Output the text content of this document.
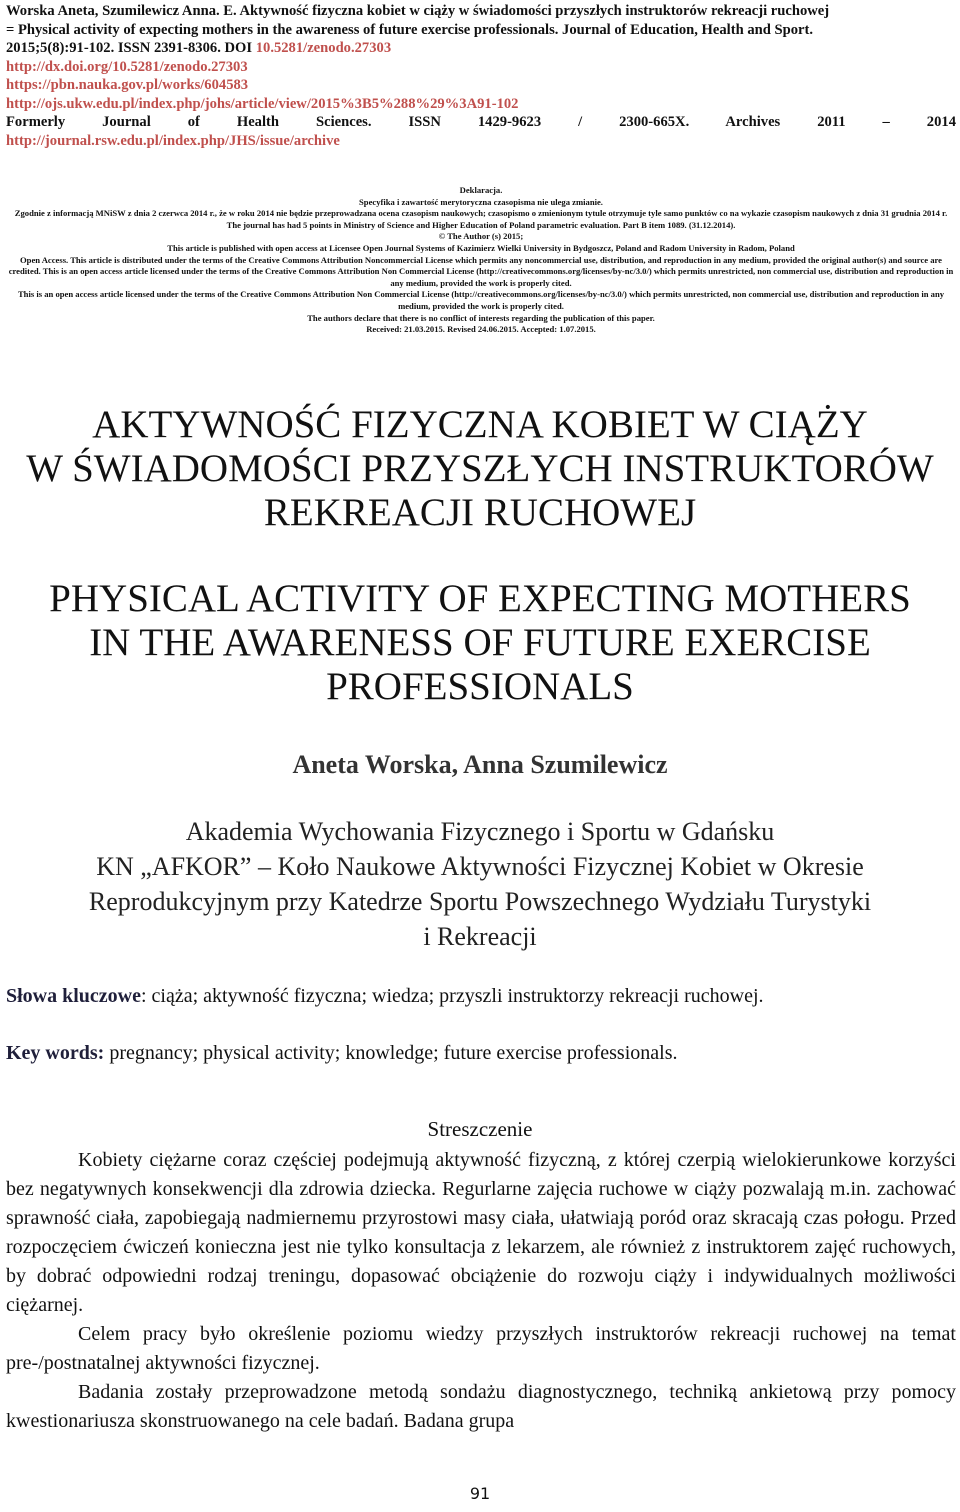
Worska Aneta, Szumilewicz Anna. E. Aktywność fizyczna kobiet w ciąży w świadomości przyszłych instruktorów rekreacji ruchowej
= Physical activity of expecting mothers in the awareness of future exercise professionals. Journal of Education, Health and Sport.
2015;5(8):91-102. ISSN 2391-8306. DOI 10.5281/zenodo.27303
http://dx.doi.org/10.5281/zenodo.27303
https://pbn.nauka.gov.pl/works/604583
http://ojs.ukw.edu.pl/index.php/johs/article/view/2015%3B5%288%29%3A91-102
Formerly Journal of Health Sciences. ISSN 1429-9623 / 2300-665X. Archives 2011 – 2014
http://journal.rsw.edu.pl/index.php/JHS/issue/archive
Deklaracja.
Specyfika i zawartość merytoryczna czasopisma nie ulega zmianie.
Zgodnie z informacją MNiSW z dnia 2 czerwca 2014 r., że w roku 2014 nie będzie przeprowadzana ocena czasopism naukowych; czasopismo o zmienionym tytule otrzymuje tyle samo punktów co na wykazie czasopism naukowych z dnia 31 grudnia 2014 r.
The journal has had 5 points in Ministry of Science and Higher Education of Poland parametric evaluation. Part B item 1089. (31.12.2014).
© The Author (s) 2015;
This article is published with open access at Licensee Open Journal Systems of Kazimierz Wielki University in Bydgoszcz, Poland and Radom University in Radom, Poland
Open Access. This article is distributed under the terms of the Creative Commons Attribution Noncommercial License which permits any noncommercial use, distribution, and reproduction in any medium, provided the original author(s) and source are credited. This is an open access article licensed under the terms of the Creative Commons Attribution Non Commercial License (http://creativecommons.org/licenses/by-nc/3.0/) which permits unrestricted, non commercial use, distribution and reproduction in any medium, provided the work is properly cited.
This is an open access article licensed under the terms of the Creative Commons Attribution Non Commercial License (http://creativecommons.org/licenses/by-nc/3.0/) which permits unrestricted, non commercial use, distribution and reproduction in any medium, provided the work is properly cited.
The authors declare that there is no conflict of interests regarding the publication of this paper.
Received: 21.03.2015. Revised 24.06.2015. Accepted: 1.07.2015.
AKTYWNOŚĆ FIZYCZNA KOBIET W CIĄŻY
W ŚWIADOMOŚCI PRZYSZŁYCH INSTRUKTORÓW
REKREACJI RUCHOWEJ
PHYSICAL ACTIVITY OF EXPECTING MOTHERS
IN THE AWARENESS OF FUTURE EXERCISE
PROFESSIONALS
Aneta Worska, Anna Szumilewicz
Akademia Wychowania Fizycznego i Sportu w Gdańsku
KN „AFKOR” – Koło Naukowe Aktywności Fizycznej Kobiet w Okresie
Reprodukcyjnym przy Katedrze Sportu Powszechnego Wydziału Turystyki
i Rekreacji
Słowa kluczowe: ciąża; aktywność fizyczna; wiedza; przyszli instruktorzy rekreacji ruchowej.
Key words: pregnancy; physical activity; knowledge; future exercise professionals.
Streszczenie

Kobiety ciężarne coraz częściej podejmują aktywność fizyczną, z której czerpią wielokierunkowe korzyści bez negatywnych konsekwencji dla zdrowia dziecka. Regurlarne zajęcia ruchowe w ciąży pozwalają m.in. zachować sprawność ciała, zapobiegają nadmiernemu przyrostowi masy ciała, ułatwiają poród oraz skracają czas połogu. Przed rozpoczęciem ćwiczeń konieczna jest nie tylko konsultacja z lekarzem, ale również z instruktorem zajęć ruchowych, by dobrać odpowiedni rodzaj treningu, dopasować obciążenie do rozwoju ciąży i indywidualnych możliwości ciężarnej.

Celem pracy było określenie poziomu wiedzy przyszłych instruktorów rekreacji ruchowej na temat pre-/postnatalnej aktywności fizycznej.

Badania zostały przeprowadzone metodą sondażu diagnostycznego, techniką ankietową przy pomocy kwestionariusza skonstruowanego na cele badań. Badana grupa

91
